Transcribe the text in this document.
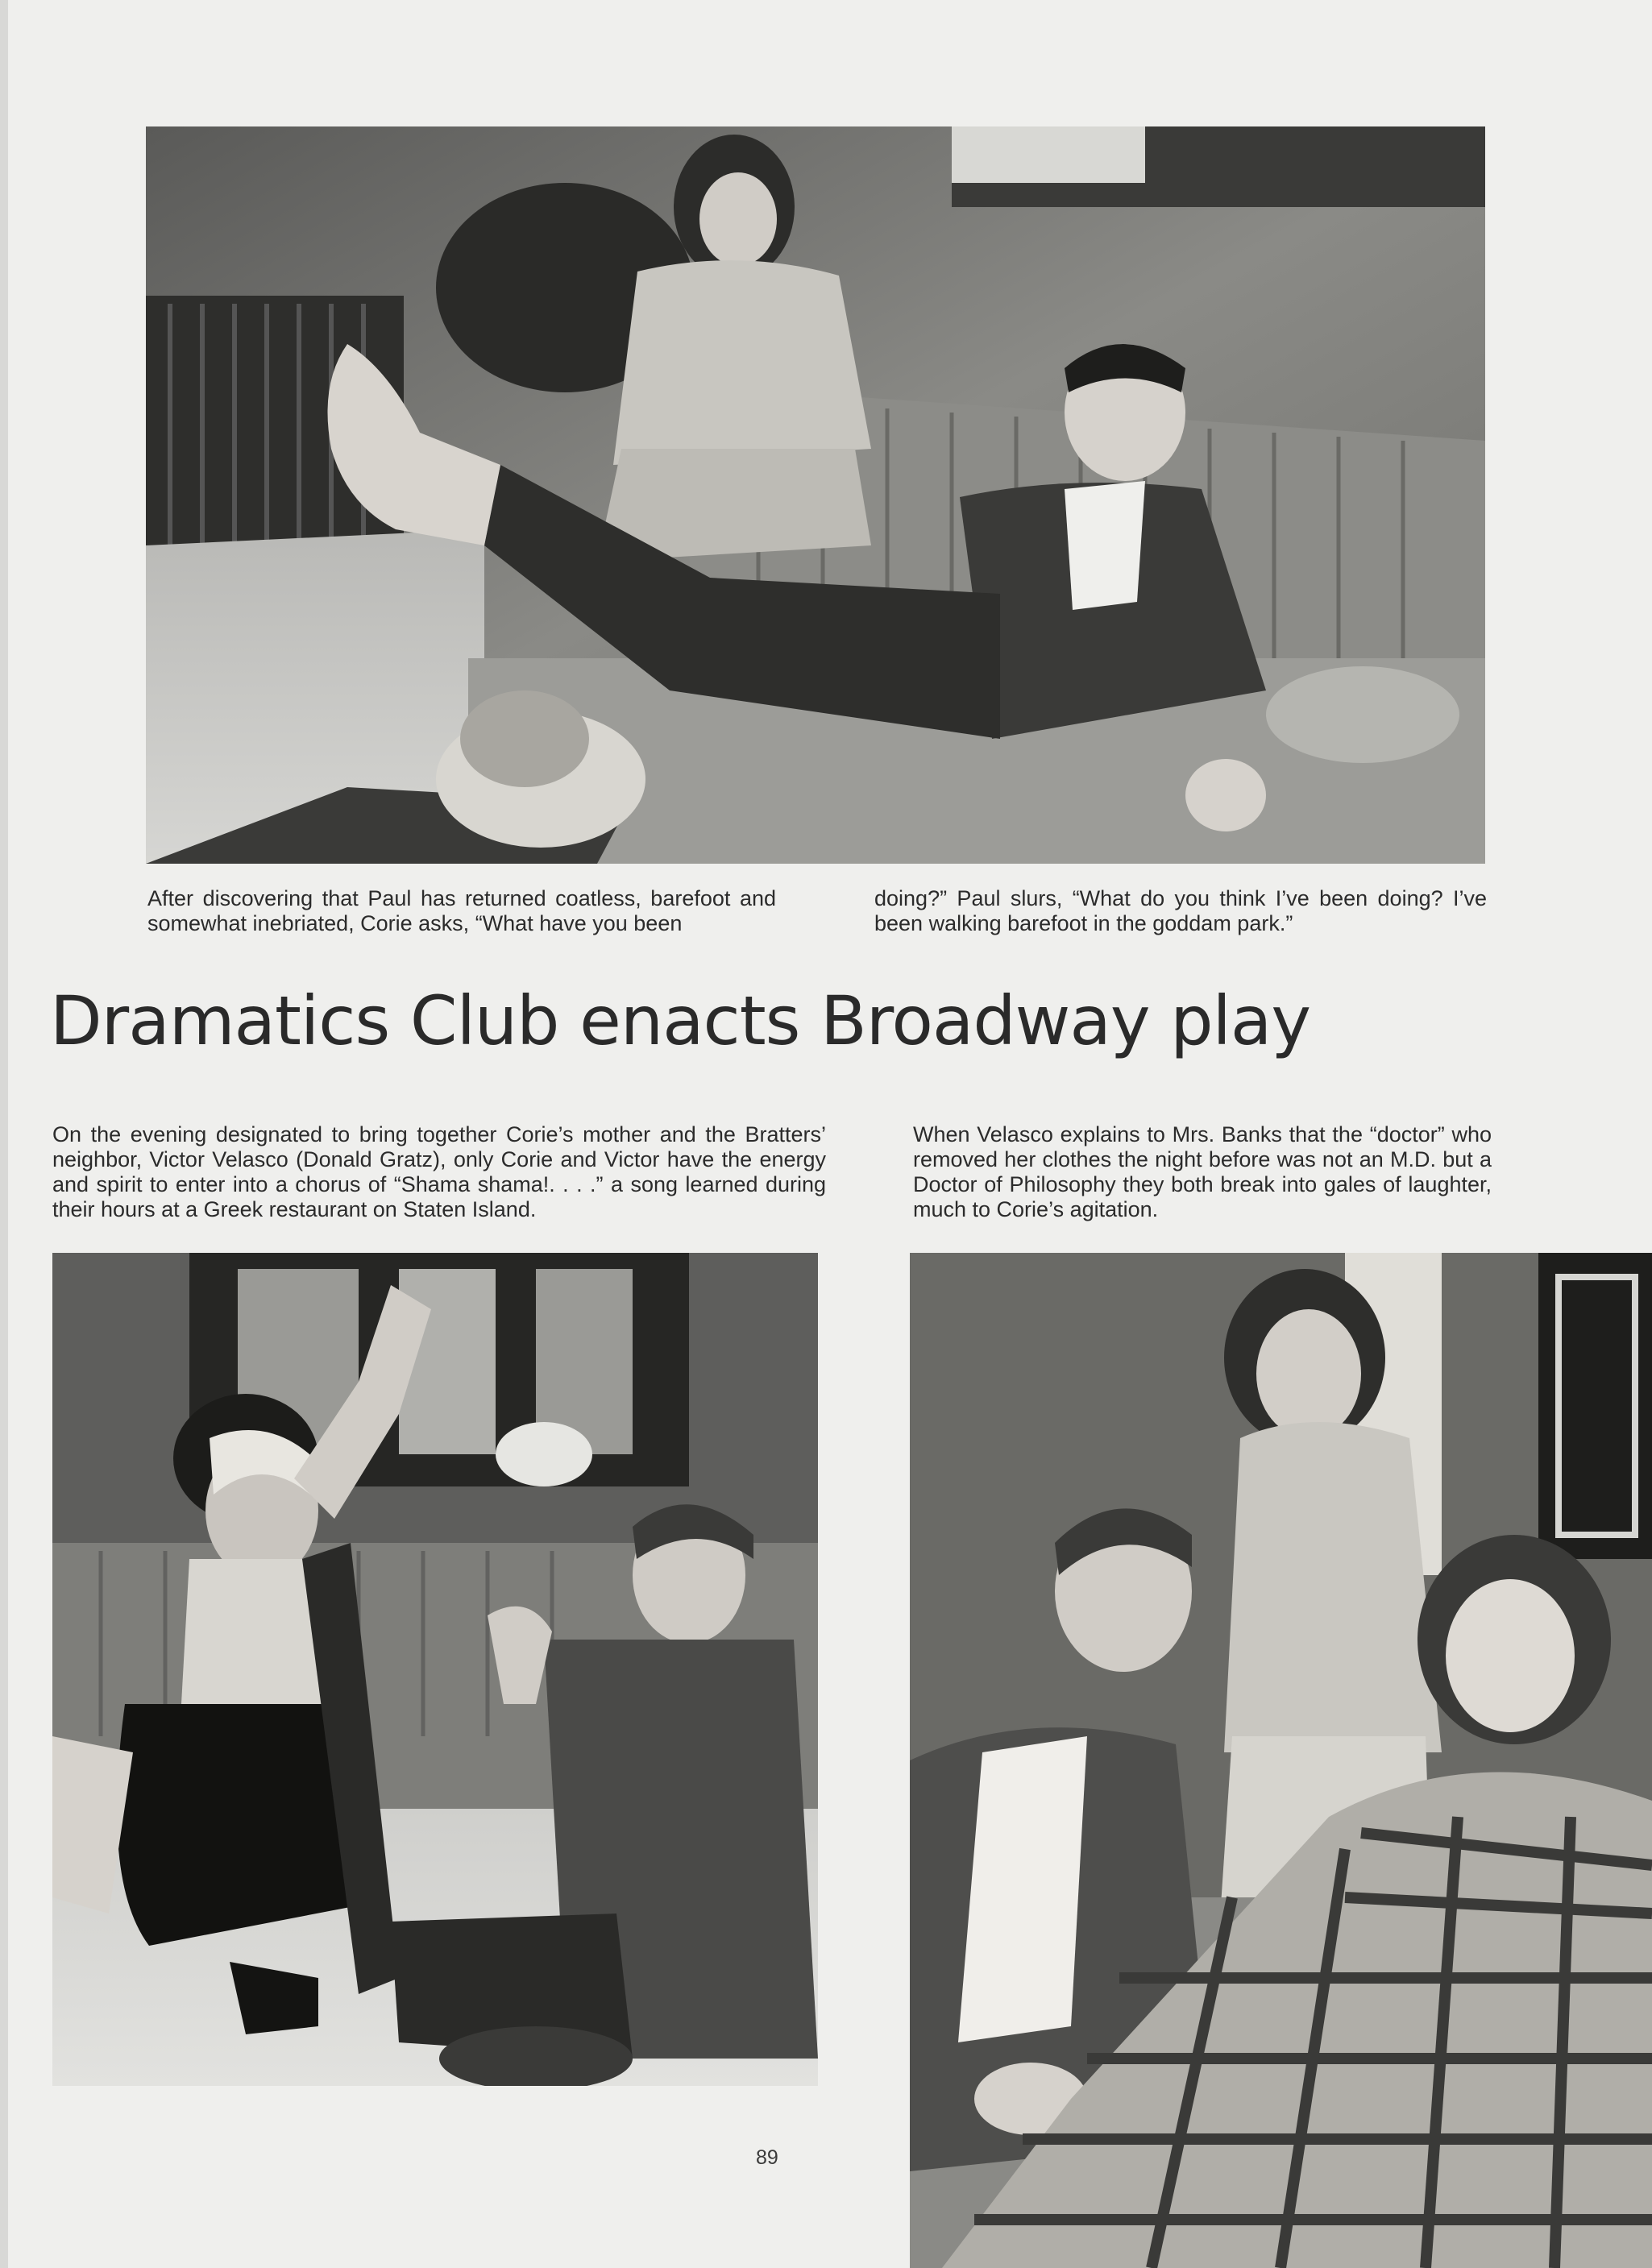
After discovering that Paul has returned coatless, barefoot and somewhat inebriated, Corie asks, “What have you been

doing?” Paul slurs, “What do you think I’ve been doing? I’ve been walking barefoot in the goddam park.”

Dramatics Club enacts Broadway play

On the evening designated to bring together Corie’s mother and the Bratters’ neighbor, Victor Velasco (Donald Gratz), only Corie and Victor have the energy and spirit to enter into a chorus of “Shama shama!. . . .” a song learned during their hours at a Greek restaurant on Staten Island.

When Velasco explains to Mrs. Banks that the “doctor” who removed her clothes the night before was not an M.D. but a Doctor of Philosophy they both break into gales of laughter, much to Corie’s agitation.

89
